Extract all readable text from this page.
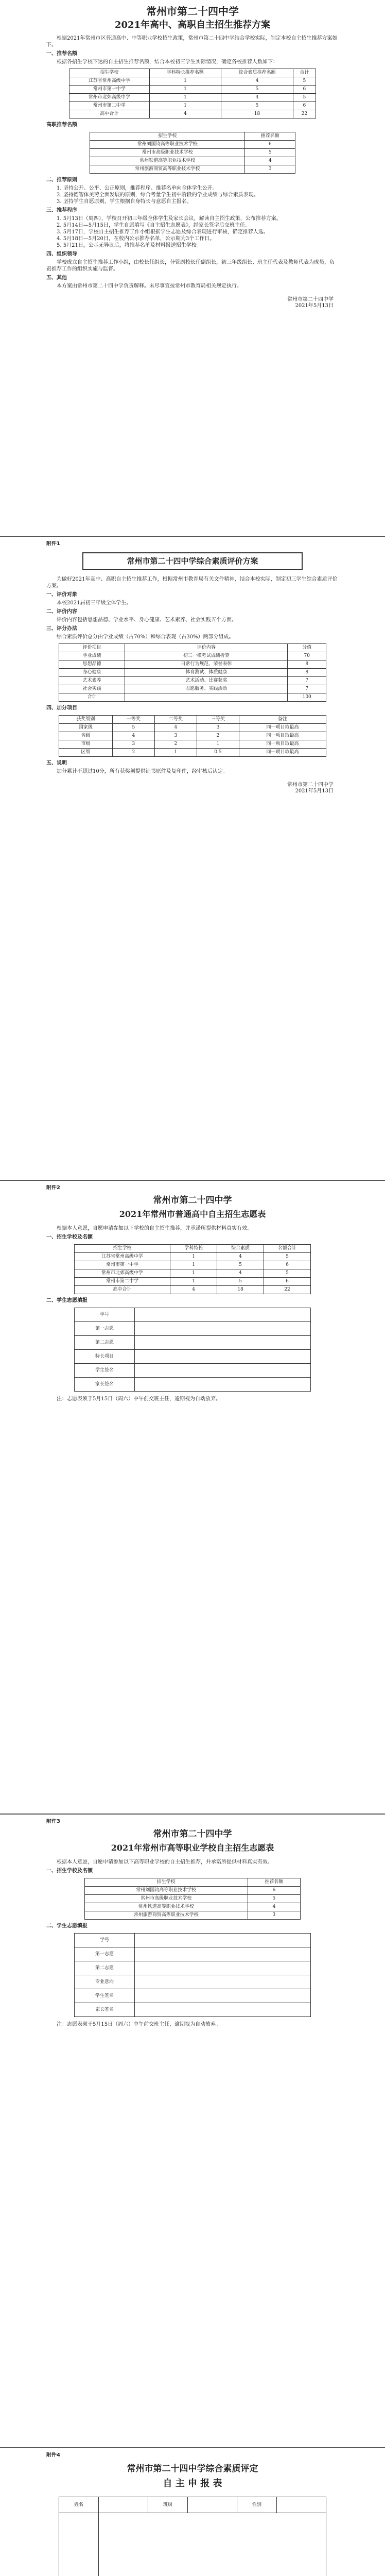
常州市第二十四中学

2021年高中、高职自主招生推荐方案

根据2021年常州市区普通高中、中等职业学校招生政策，常州市第二十四中学结合学校实际，制定本校自主招生推荐方案如下。

一、推荐名额

根据各招生学校下达的自主招生推荐名额，结合本校初三学生实际情况，确定各校推荐人数如下：

招生学校	学科特长推荐名额	综合素质推荐名额	合计
江苏省常州高级中学	1	4	5
常州市第一中学	1	5	6
常州市北郊高级中学	1	4	5
常州市第二中学	1	5	6
高中合计	4	18	22

高职推荐名额

招生学校	推荐名额
常州刘国钧高等职业技术学校	6
常州市高级职业技术学校	5
常州铁道高等职业技术学校	4
常州旅游商贸高等职业技术学校	3

二、推荐原则

1. 坚持公开、公平、公正原则，推荐程序、推荐名单向全体学生公开。

2. 坚持德智体美劳全面发展的原则，综合考量学生初中阶段的学业成绩与综合素质表现。

3. 坚持学生自愿原则，学生根据自身特长与意愿自主报名。

三、推荐程序

1. 5月13日（周四），学校召开初三年级全体学生及家长会议，解读自主招生政策，公布推荐方案。

2. 5月14日—5月15日，学生自愿填写《自主招生志愿表》，经家长签字后交班主任。

3. 5月17日，学校自主招生推荐工作小组根据学生志愿及综合表现进行审核，确定推荐人选。

4. 5月18日—5月20日，在校内公示推荐名单，公示期为3个工作日。

5. 5月21日，公示无异议后，将推荐名单及材料报送招生学校。

四、组织领导

学校成立自主招生推荐工作小组，由校长任组长，分管副校长任副组长，初三年级组长、班主任代表及教师代表为成员，负责推荐工作的组织实施与监督。

五、其他

本方案由常州市第二十四中学负责解释。未尽事宜按常州市教育局相关规定执行。

常州市第二十四中学

2021年5月13日

附件1

常州市第二十四中学综合素质评价方案

为做好2021年高中、高职自主招生推荐工作，根据常州市教育局有关文件精神，结合本校实际，制定初三学生综合素质评价方案。

一、评价对象

本校2021届初三年级全体学生。

二、评价内容

评价内容包括思想品德、学业水平、身心健康、艺术素养、社会实践五个方面。

三、评分办法

综合素质评价总分由学业成绩（占70%）和综合表现（占30%）两部分组成。

评价项目	评价内容	分值
学业成绩	初三一模考试成绩折算	70
思想品德	日常行为规范、荣誉表彰	8
身心健康	体育测试、体质健康	8
艺术素养	艺术活动、比赛获奖	7
社会实践	志愿服务、实践活动	7
合计		100

四、加分项目

获奖级别	一等奖	二等奖	三等奖	备注
国家级	5	4	3	同一项目取最高
省级	4	3	2	同一项目取最高
市级	3	2	1	同一项目取最高
区级	2	1	0.5	同一项目取最高

五、说明

加分累计不超过10分，所有获奖须提供证书原件及复印件，经审核后认定。

常州市第二十四中学

2021年5月13日

附件2

常州市第二十四中学

2021年常州市普通高中自主招生志愿表

根据本人意愿，自愿申请参加以下学校的自主招生推荐，并承诺所提供材料真实有效。

一、招生学校及名额

招生学校	学科特长	综合素质	名额合计
江苏省常州高级中学	1	4	5
常州市第一中学	1	5	6
常州市北郊高级中学	1	4	5
常州市第二中学	1	5	6
高中合计	4	18	22

二、学生志愿填报

学号	
第一志愿	
第二志愿	
特长项目	
学生签名	
家长签名	

注：志愿表须于5月15日（周六）中午前交班主任，逾期视为自动放弃。

附件3

常州市第二十四中学

2021年常州市高等职业学校自主招生志愿表

根据本人意愿，自愿申请参加以下高等职业学校的自主招生推荐，并承诺所提供材料真实有效。

一、招生学校及名额

招生学校	推荐名额
常州刘国钧高等职业技术学校	6
常州市高级职业技术学校	5
常州铁道高等职业技术学校	4
常州旅游商贸高等职业技术学校	3

二、学生志愿填报

学号	
第一志愿	
第二志愿	
专业意向	
学生签名	
家长签名	

注：志愿表须于5月15日（周六）中午前交班主任，逾期视为自动放弃。

附件4

常州市第二十四中学综合素质评定

自 主 申 报 表

姓名		班级		性别	
